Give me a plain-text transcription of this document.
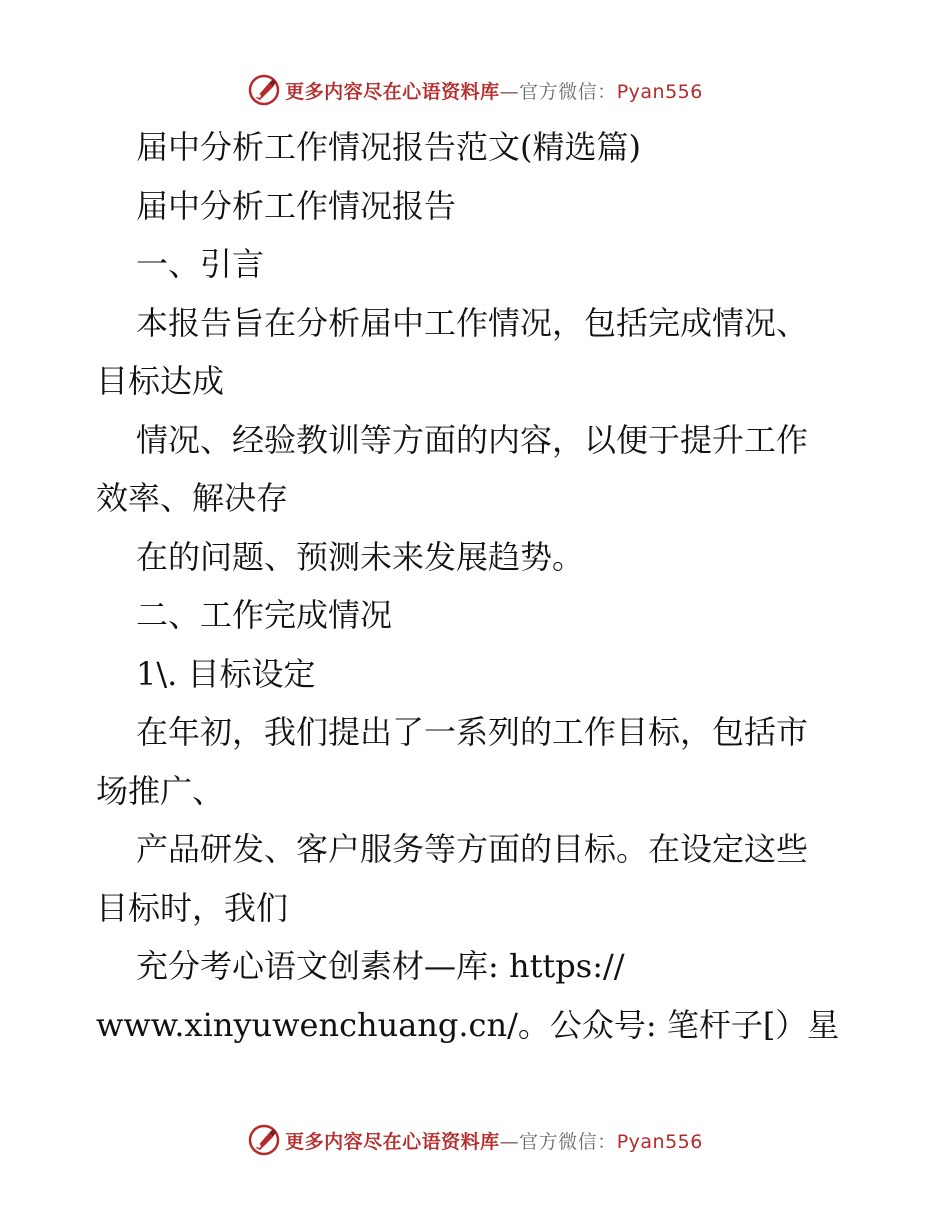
更多内容尽在心语资料库—官方微信：Pyan556
届中分析工作情况报告范文(精选篇)
届中分析工作情况报告
一、引言
本报告旨在分析届中工作情况，包括完成情况、
目标达成
情况、经验教训等方面的内容，以便于提升工作
效率、解决存
在的问题、预测未来发展趋势。
二、工作完成情况
1\. 目标设定
在年初，我们提出了一系列的工作目标，包括市
场推广、
产品研发、客户服务等方面的目标。在设定这些
目标时，我们
充分考心语文创素材—库: https://
www.xinyuwenchuang.cn/。公众号: 笔杆子[）星
更多内容尽在心语资料库—官方微信：Pyan556
